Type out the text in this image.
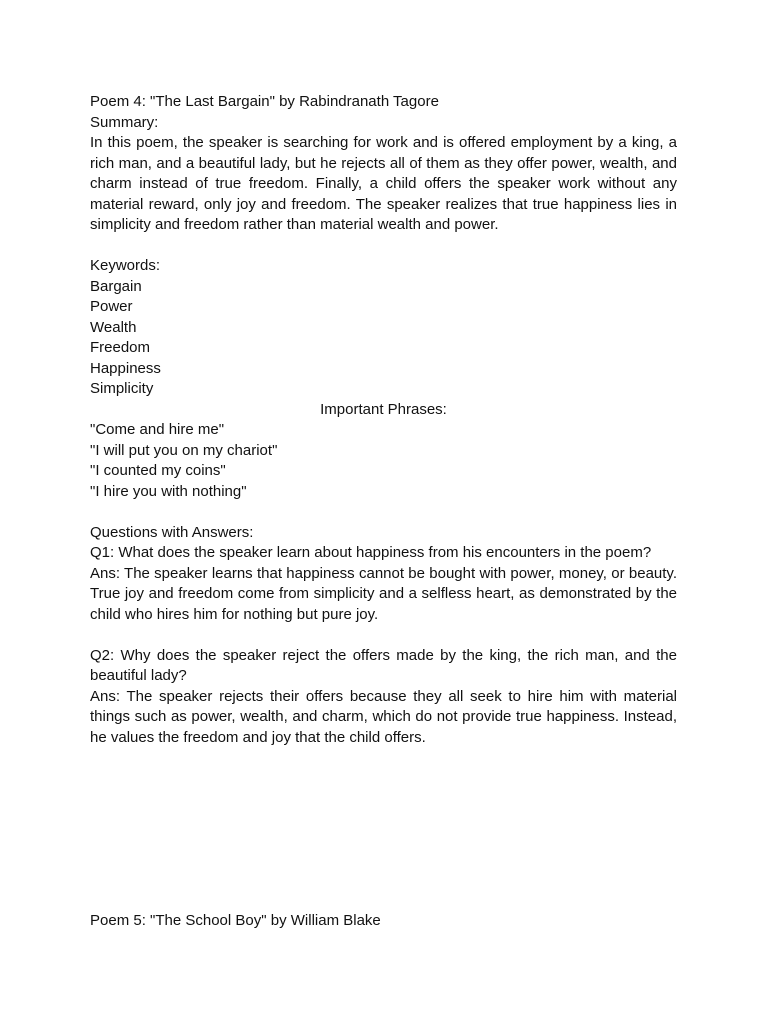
Poem 4: "The Last Bargain" by Rabindranath Tagore
Summary:
In this poem, the speaker is searching for work and is offered employment by a king, a rich man, and a beautiful lady, but he rejects all of them as they offer power, wealth, and charm instead of true freedom. Finally, a child offers the speaker work without any material reward, only joy and freedom. The speaker realizes that true happiness lies in simplicity and freedom rather than material wealth and power.
Keywords:
Bargain
Power
Wealth
Freedom
Happiness
Simplicity
Important Phrases:
"Come and hire me"
"I will put you on my chariot"
"I counted my coins"
"I hire you with nothing"
Questions with Answers:
Q1: What does the speaker learn about happiness from his encounters in the poem?
Ans: The speaker learns that happiness cannot be bought with power, money, or beauty. True joy and freedom come from simplicity and a selfless heart, as demonstrated by the child who hires him for nothing but pure joy.
Q2: Why does the speaker reject the offers made by the king, the rich man, and the beautiful lady?
Ans: The speaker rejects their offers because they all seek to hire him with material things such as power, wealth, and charm, which do not provide true happiness. Instead, he values the freedom and joy that the child offers.
Poem 5: "The School Boy" by William Blake
